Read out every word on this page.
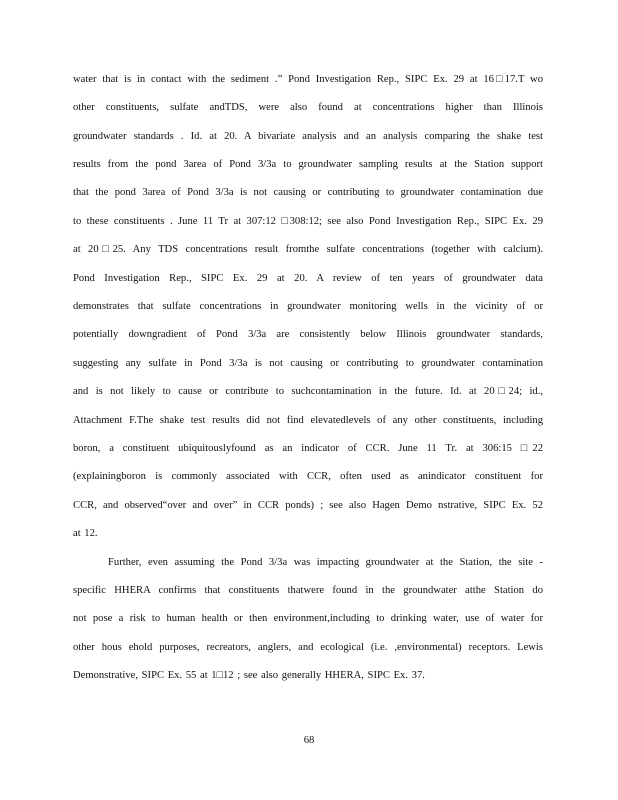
water that is in contact with the sediment .” Pond Investigation Rep., SIPC Ex. 29 at 16□17.T wo
other constituents, sulfate andTDS, were also found at concentrations higher than Illinois
groundwater standards . Id. at 20. A bivariate analysis and an analysis comparing the shake test
results from the pond 3area of Pond 3/3a to groundwater sampling results at the Station support
that the pond 3area of Pond 3/3a is not causing or contributing to groundwater contamination due
to these constituents . June 11 Tr at 307:12 □308:12; see also Pond Investigation Rep., SIPC Ex. 29
at 20□25. Any TDS concentrations result fromthe sulfate concentrations (together with calcium).
Pond Investigation Rep., SIPC Ex. 29 at 20. A review of ten years of groundwater data
demonstrates that sulfate concentrations in groundwater monitoring wells in the vicinity of or
potentially downgradient of Pond 3/3a are consistently below Illinois groundwater standards,
suggesting any sulfate in Pond 3/3a is not causing or contributing to groundwater contamination
and is not likely to cause or contribute to suchcontamination in the future. Id. at 20□24; id.,
Attachment F.The shake test results did not find elevatedlevels of any other constituents, including
boron, a constituent ubiquitouslyfound as an indicator of CCR. June 11 Tr. at 306:15 □22
(explainingboron is commonly associated with CCR, often used as anindicator constituent for
CCR, and observed“over and over” in CCR ponds) ; see also Hagen Demo nstrative, SIPC Ex. 52
at 12.
Further, even assuming the Pond 3/3a was impacting groundwater at the Station, the site -
specific HHERA confirms that constituents thatwere found in the groundwater atthe Station do
not pose a risk to human health or then environment,including to drinking water, use of water for
other hous ehold purposes, recreators, anglers, and ecological (i.e. ,environmental) receptors. Lewis
Demonstrative, SIPC Ex. 55 at 1□12 ; see also generally HHERA, SIPC Ex. 37.
68
